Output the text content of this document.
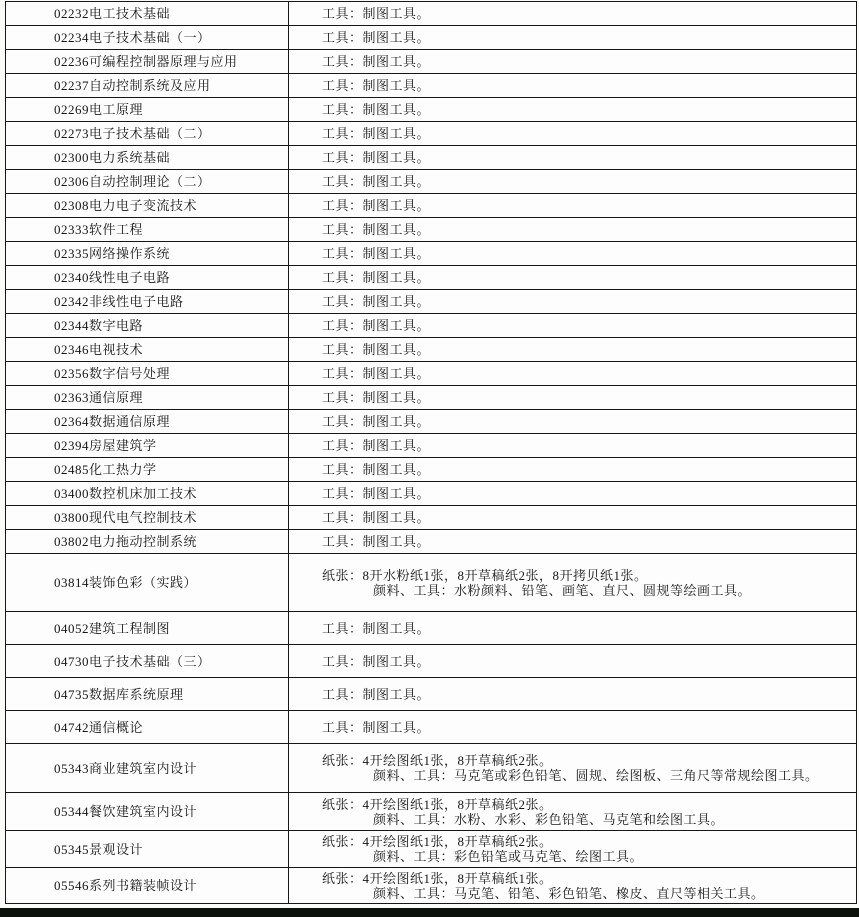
02232电工技术基础	工具：制图工具。

02234电子技术基础（一）	工具：制图工具。

02236可编程控制器原理与应用	工具：制图工具。

02237自动控制系统及应用	工具：制图工具。

02269电工原理	工具：制图工具。

02273电子技术基础（二）	工具：制图工具。

02300电力系统基础	工具：制图工具。

02306自动控制理论（二）	工具：制图工具。

02308电力电子变流技术	工具：制图工具。

02333软件工程	工具：制图工具。

02335网络操作系统	工具：制图工具。

02340线性电子电路	工具：制图工具。

02342非线性电子电路	工具：制图工具。

02344数字电路	工具：制图工具。

02346电视技术	工具：制图工具。

02356数字信号处理	工具：制图工具。

02363通信原理	工具：制图工具。

02364数据通信原理	工具：制图工具。

02394房屋建筑学	工具：制图工具。

02485化工热力学	工具：制图工具。

03400数控机床加工技术	工具：制图工具。

03800现代电气控制技术	工具：制图工具。

03802电力拖动控制系统	工具：制图工具。

03814装饰色彩（实践）	纸张：8开水粉纸1张，8开草稿纸2张，8开拷贝纸1张。
颜料、工具：水粉颜料、铅笔、画笔、直尺、圆规等绘画工具。

04052建筑工程制图	工具：制图工具。

04730电子技术基础（三）	工具：制图工具。

04735数据库系统原理	工具：制图工具。

04742通信概论	工具：制图工具。

05343商业建筑室内设计	纸张：4开绘图纸1张，8开草稿纸2张。
颜料、工具：马克笔或彩色铅笔、圆规、绘图板、三角尺等常规绘图工具。

05344餐饮建筑室内设计	纸张：4开绘图纸1张，8开草稿纸2张。
颜料、工具：水粉、水彩、彩色铅笔、马克笔和绘图工具。

05345景观设计	纸张：4开绘图纸1张，8开草稿纸2张。
颜料、工具：彩色铅笔或马克笔、绘图工具。

05546系列书籍装帧设计	纸张：4开绘图纸1张，8开草稿纸1张。
颜料、工具：马克笔、铅笔、彩色铅笔、橡皮、直尺等相关工具。
